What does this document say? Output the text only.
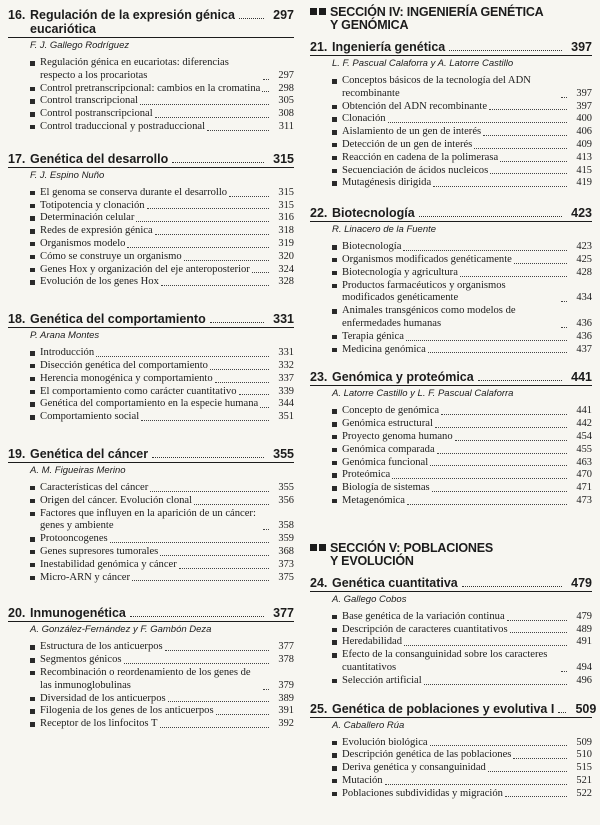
16. Regulación de la expresión génica	297
eucariótica
F. J. Gallego Rodríguez
Regulación génica en eucariotas: diferencias respecto a los procariotas	297
Control pretranscripcional: cambios en la cromatina	298
Control transcripcional	305
Control postranscripcional	308
Control traduccional y postraduccional	311
17. Genética del desarrollo	315
F. J. Espino Nuño
El genoma se conserva durante el desarrollo	315
Totipotencia y clonación	315
Determinación celular	316
Redes de expresión génica	318
Organismos modelo	319
Cómo se construye un organismo	320
Genes Hox y organización del eje anteroposterior	324
Evolución de los genes Hox	328
18. Genética del comportamiento	331
P. Arana Montes
Introducción	331
Disección genética del comportamiento	332
Herencia monogénica y comportamiento	337
El comportamiento como carácter cuantitativo	339
Genética del comportamiento en la especie humana	344
Comportamiento social	351
19. Genética del cáncer	355
A. M. Figueiras Merino
Características del cáncer	355
Origen del cáncer. Evolución clonal	356
Factores que influyen en la aparición de un cáncer: genes y ambiente	358
Protooncogenes	359
Genes supresores tumorales	368
Inestabilidad genómica y cáncer	373
Micro-ARN y cáncer	375
20. Inmunogenética	377
A. González-Fernández y F. Gambón Deza
Estructura de los anticuerpos	377
Segmentos génicos	378
Recombinación o reordenamiento de los genes de las inmunoglobulinas	379
Diversidad de los anticuerpos	389
Filogenia de los genes de los anticuerpos	391
Receptor de los linfocitos T	392
SECCIÓN IV: INGENIERÍA GENÉTICA
Y GENÓMICA
21. Ingeniería genética	397
L. F. Pascual Calaforra y A. Latorre Castillo
Conceptos básicos de la tecnología del ADN recombinante	397
Obtención del ADN recombinante	397
Clonación	400
Aislamiento de un gen de interés	406
Detección de un gen de interés	409
Reacción en cadena de la polimerasa	413
Secuenciación de ácidos nucleicos	415
Mutagénesis dirigida	419
22. Biotecnología	423
R. Linacero de la Fuente
Biotecnología	423
Organismos modificados genéticamente	425
Biotecnología y agricultura	428
Productos farmacéuticos y organismos modificados genéticamente	434
Animales transgénicos como modelos de enfermedades humanas	436
Terapia génica	436
Medicina genómica	437
23. Genómica y proteómica	441
A. Latorre Castillo y L. F. Pascual Calaforra
Concepto de genómica	441
Genómica estructural	442
Proyecto genoma humano	454
Genómica comparada	455
Genómica funcional	463
Proteómica	470
Biología de sistemas	471
Metagenómica	473
SECCIÓN V: POBLACIONES
Y EVOLUCIÓN
24. Genética cuantitativa	479
A. Gallego Cobos
Base genética de la variación continua	479
Descripción de caracteres cuantitativos	489
Heredabilidad	491
Efecto de la consanguinidad sobre los caracteres cuantitativos	494
Selección artificial	496
25. Genética de poblaciones y evolutiva I	509
A. Caballero Rúa
Evolución biológica	509
Descripción genética de las poblaciones	510
Deriva genética y consanguinidad	515
Mutación	521
Poblaciones subdivididas y migración	522
